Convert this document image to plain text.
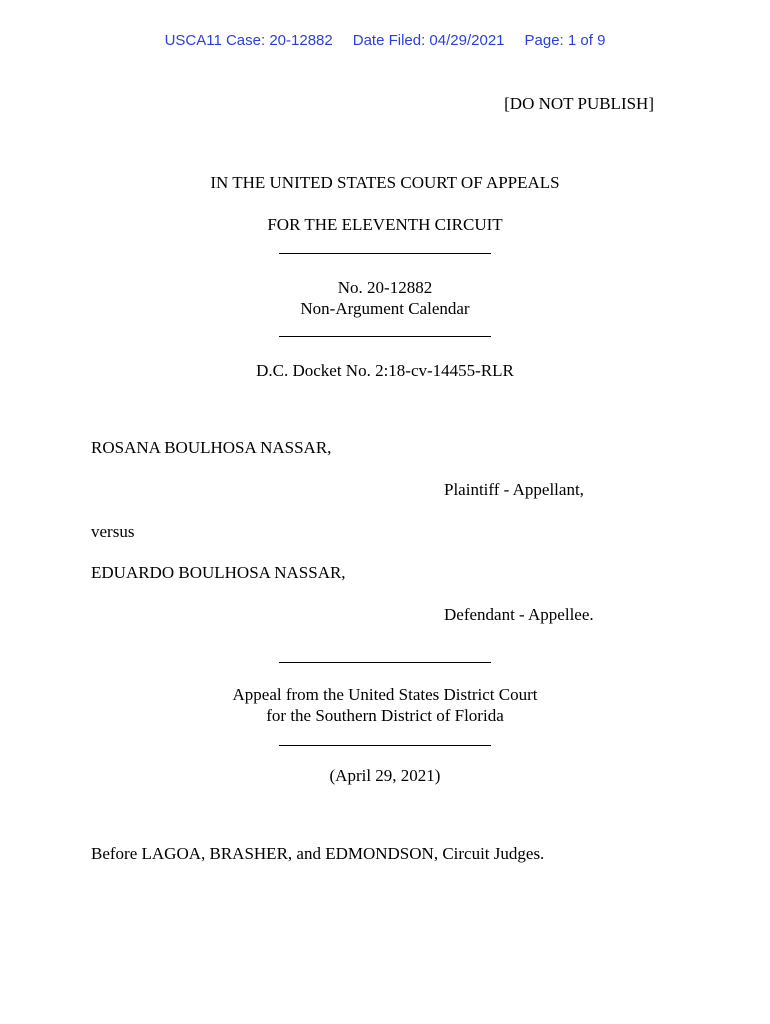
USCA11 Case: 20-12882 Date Filed: 04/29/2021 Page: 1 of 9
[DO NOT PUBLISH]
IN THE UNITED STATES COURT OF APPEALS
FOR THE ELEVENTH CIRCUIT
No. 20-12882
Non-Argument Calendar
D.C. Docket No. 2:18-cv-14455-RLR
ROSANA BOULHOSA NASSAR,
Plaintiff - Appellant,
versus
EDUARDO BOULHOSA NASSAR,
Defendant - Appellee.
Appeal from the United States District Court
for the Southern District of Florida
(April 29, 2021)
Before LAGOA, BRASHER, and EDMONDSON, Circuit Judges.
